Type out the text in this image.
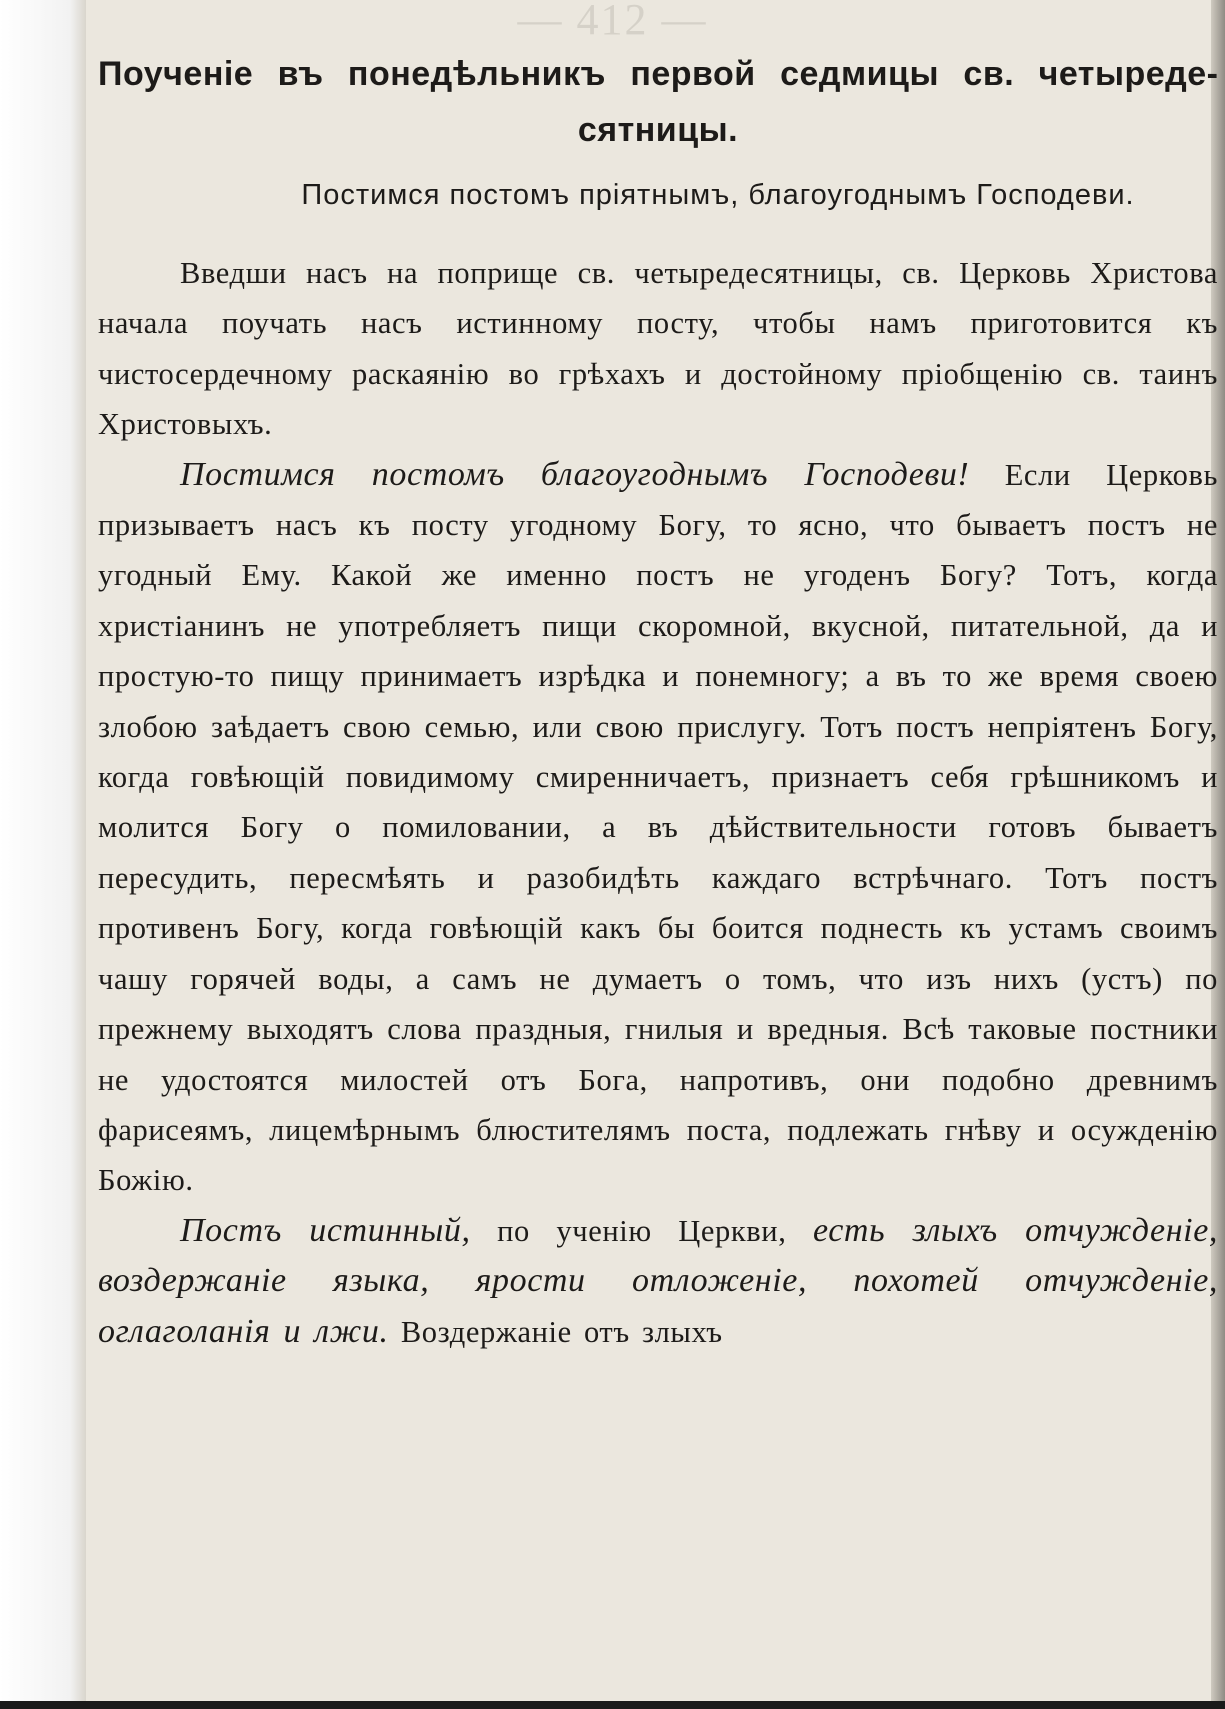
— 412 —

Поученіе въ понедѣльникъ первой седмицы св. четыредесятницы.

Постимся постомъ пріятнымъ, благоугоднымъ Господеви.

Введши насъ на поприще св. четыредесятницы, св. Церковь Христова начала поучать насъ истинному посту, чтобы намъ приготовится къ чистосердечному раскаянію во грѣхахъ и достойному пріобщенію св. таинъ Христовыхъ.

Постимся постомъ благоугоднымъ Господеви! Если Церковь призываетъ насъ къ посту угодному Богу, то ясно, что бываетъ постъ не угодный Ему. Какой же именно постъ не угоденъ Богу? Тотъ, когда христіанинъ не употребляетъ пищи скоромной, вкусной, питательной, да и простую-то пищу принимаетъ изрѣдка и понемногу; а въ то же время своею злобою заѣдаетъ свою семью, или свою прислугу. Тотъ постъ непріятенъ Богу, когда говѣющій повидимому смиренничаетъ, признаетъ себя грѣшникомъ и молится Богу о помиловании, а въ дѣйствительности готовъ бываетъ пересудить, пересмѣять и разобидѣть каждаго встрѣчнаго. Тотъ постъ противенъ Богу, когда говѣющій какъ бы боится поднесть къ устамъ своимъ чашу горячей воды, а самъ не думаетъ о томъ, что изъ нихъ (устъ) по прежнему выходятъ слова праздныя, гнилыя и вредныя. Всѣ таковые постники не удостоятся милостей отъ Бога, напротивъ, они подобно древнимъ фарисеямъ, лицемѣрнымъ блюстителямъ поста, подлежать гнѣву и осужденію Божію.

Постъ истинный, по ученію Церкви, есть злыхъ отчужденіе, воздержаніе языка, ярости отложеніе, похотей отчужденіе, оглаголанія и лжи. Воздержаніе отъ злыхъ
